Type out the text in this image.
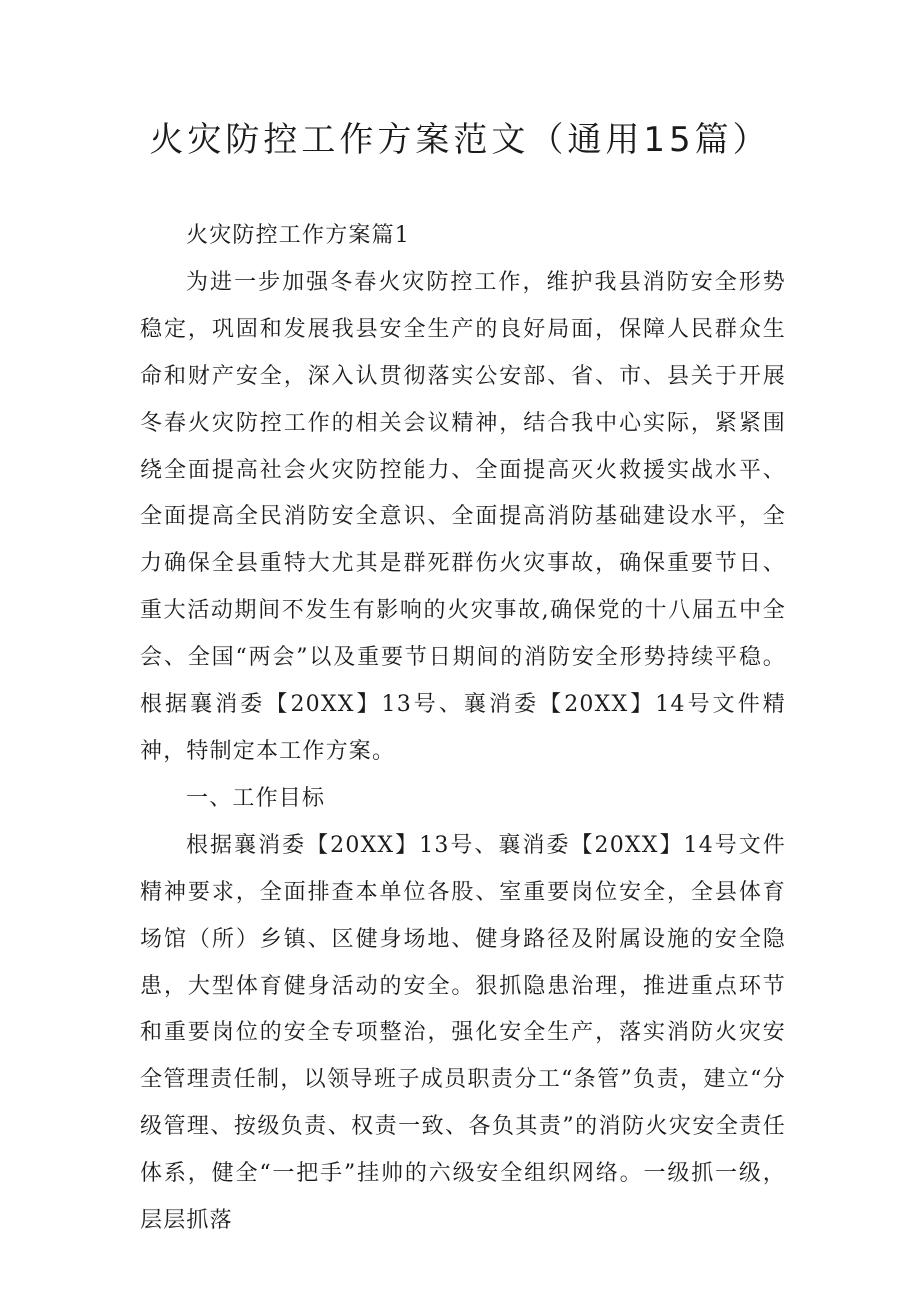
火灾防控工作方案范文（通用15篇）

火灾防控工作方案篇1

为进一步加强冬春火灾防控工作，维护我县消防安全形势稳定，巩固和发展我县安全生产的良好局面，保障人民群众生命和财产安全，深入认贯彻落实公安部、省、市、县关于开展冬春火灾防控工作的相关会议精神，结合我中心实际，紧紧围绕全面提高社会火灾防控能力、全面提高灭火救援实战水平、全面提高全民消防安全意识、全面提高消防基础建设水平，全力确保全县重特大尤其是群死群伤火灾事故，确保重要节日、重大活动期间不发生有影响的火灾事故,确保党的十八届五中全会、全国“两会”以及重要节日期间的消防安全形势持续平稳。根据襄消委【20XX】13号、襄消委【20XX】14号文件精神，特制定本工作方案。

一、工作目标

根据襄消委【20XX】13号、襄消委【20XX】14号文件精神要求，全面排查本单位各股、室重要岗位安全，全县体育场馆（所）乡镇、区健身场地、健身路径及附属设施的安全隐患，大型体育健身活动的安全。狠抓隐患治理，推进重点环节和重要岗位的安全专项整治，强化安全生产，落实消防火灾安全管理责任制，以领导班子成员职责分工“条管”负责，建立“分级管理、按级负责、权责一致、各负其责”的消防火灾安全责任体系，健全“一把手”挂帅的六级安全组织网络。一级抓一级，层层抓落
